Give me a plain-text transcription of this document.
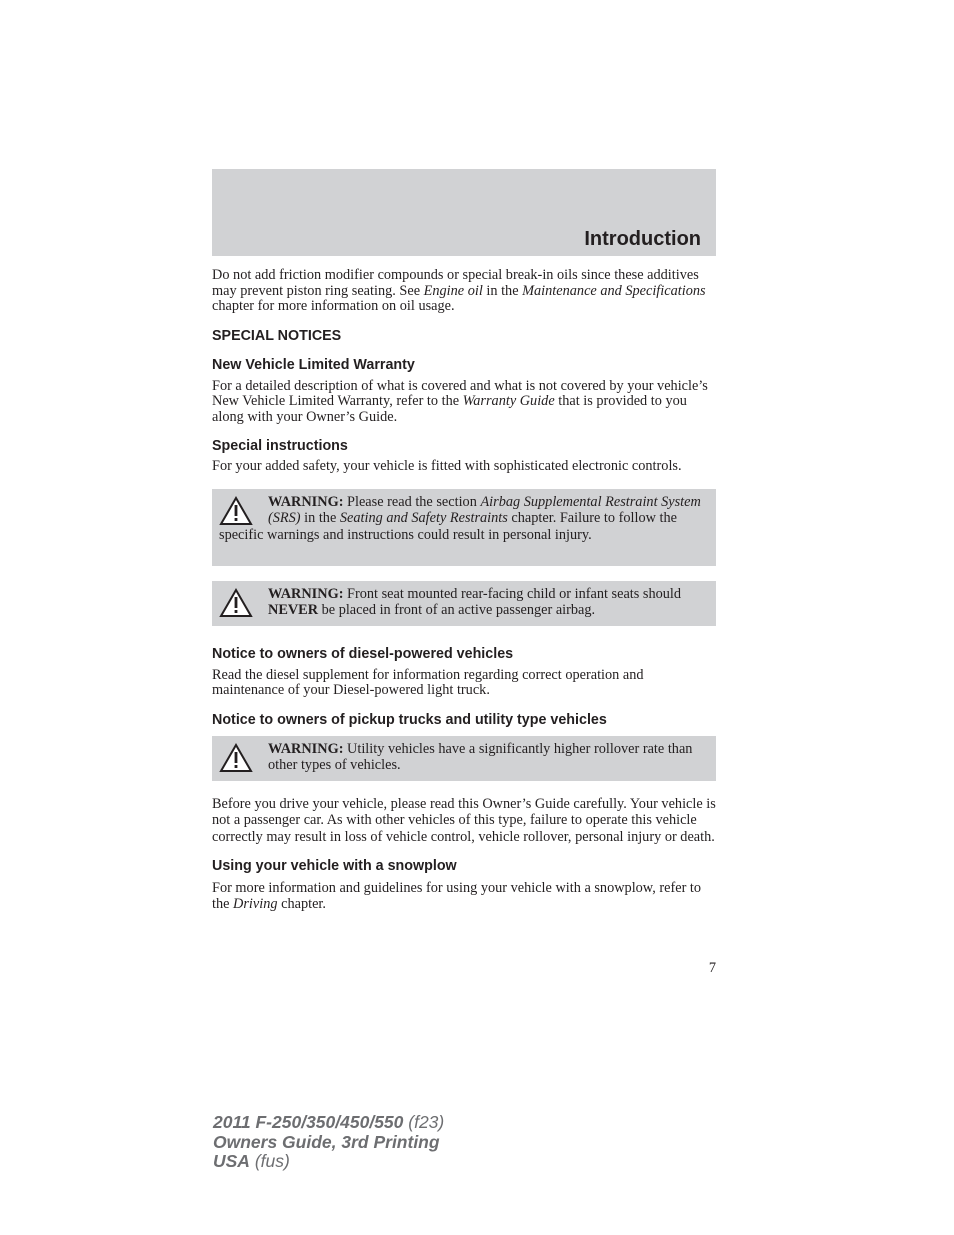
Introduction

Do not add friction modifier compounds or special break-in oils since these additives may prevent piston ring seating. See Engine oil in the Maintenance and Specifications chapter for more information on oil usage.

SPECIAL NOTICES
New Vehicle Limited Warranty

For a detailed description of what is covered and what is not covered by your vehicle’s New Vehicle Limited Warranty, refer to the Warranty Guide that is provided to you along with your Owner’s Guide.

Special instructions

For your added safety, your vehicle is fitted with sophisticated electronic controls.

WARNING: Please read the section Airbag Supplemental Restraint System (SRS) in the Seating and Safety Restraints chapter. Failure to follow the specific warnings and instructions could result in personal injury.
WARNING: Front seat mounted rear-facing child or infant seats should NEVER be placed in front of an active passenger airbag.
Notice to owners of diesel-powered vehicles

Read the diesel supplement for information regarding correct operation and maintenance of your Diesel-powered light truck.

Notice to owners of pickup trucks and utility type vehicles
WARNING: Utility vehicles have a significantly higher rollover rate than other types of vehicles.

Before you drive your vehicle, please read this Owner’s Guide carefully. Your vehicle is not a passenger car. As with other vehicles of this type, failure to operate this vehicle correctly may result in loss of vehicle control, vehicle rollover, personal injury or death.

Using your vehicle with a snowplow

For more information and guidelines for using your vehicle with a snowplow, refer to the Driving chapter.

7
2011 F-250/350/450/550 (f23)
Owners Guide, 3rd Printing
USA (fus)
